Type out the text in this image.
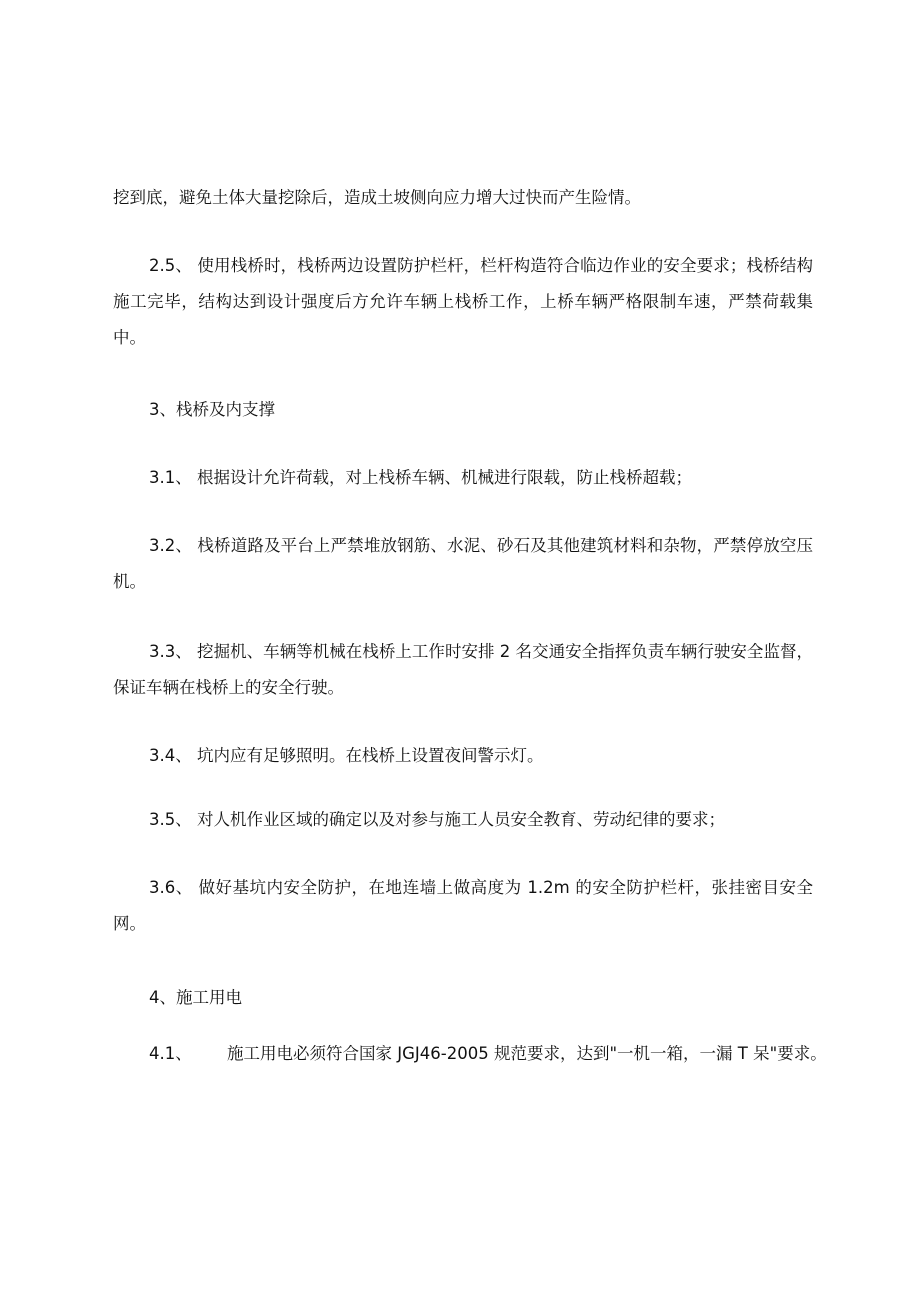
挖到底，避免土体大量挖除后，造成土坡侧向应力增大过快而产生险情。

2.5、 使用栈桥时，栈桥两边设置防护栏杆，栏杆构造符合临边作业的安全要求；栈桥结构施工完毕，结构达到设计强度后方允许车辆上栈桥工作，上桥车辆严格限制车速，严禁荷载集中。

3、栈桥及内支撑

3.1、 根据设计允许荷载，对上栈桥车辆、机械进行限载，防止栈桥超载；

3.2、 栈桥道路及平台上严禁堆放钢筋、水泥、砂石及其他建筑材料和杂物，严禁停放空压机。

3.3、 挖掘机、车辆等机械在栈桥上工作时安排 2 名交通安全指挥负责车辆行驶安全监督，保证车辆在栈桥上的安全行驶。

3.4、 坑内应有足够照明。在栈桥上设置夜间警示灯。

3.5、 对人机作业区域的确定以及对参与施工人员安全教育、劳动纪律的要求；

3.6、 做好基坑内安全防护，在地连墙上做高度为 1.2m 的安全防护栏杆，张挂密目安全网。

4、施工用电

4.1、 施工用电必须符合国家 JGJ46-2005 规范要求，达到"一机一箱，一漏 T 呆"要求。
